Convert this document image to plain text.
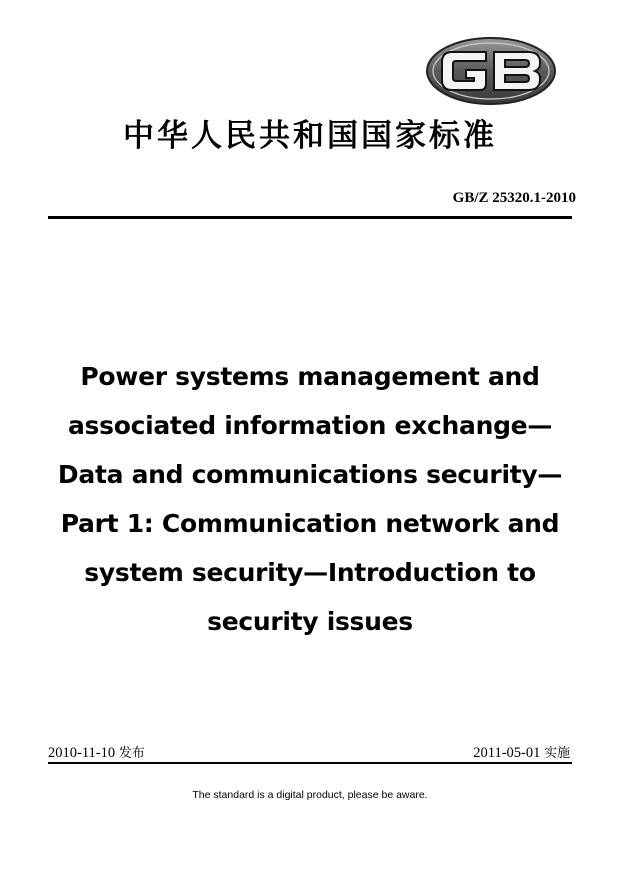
中华人民共和国国家标准
GB/Z 25320.1-2010
Power systems management and
associated information exchange—
Data and communications security—
Part 1: Communication network and
system security—Introduction to
security issues
2010-11-10 发布	2011-05-01 实施
The standard is a digital product, please be aware.
